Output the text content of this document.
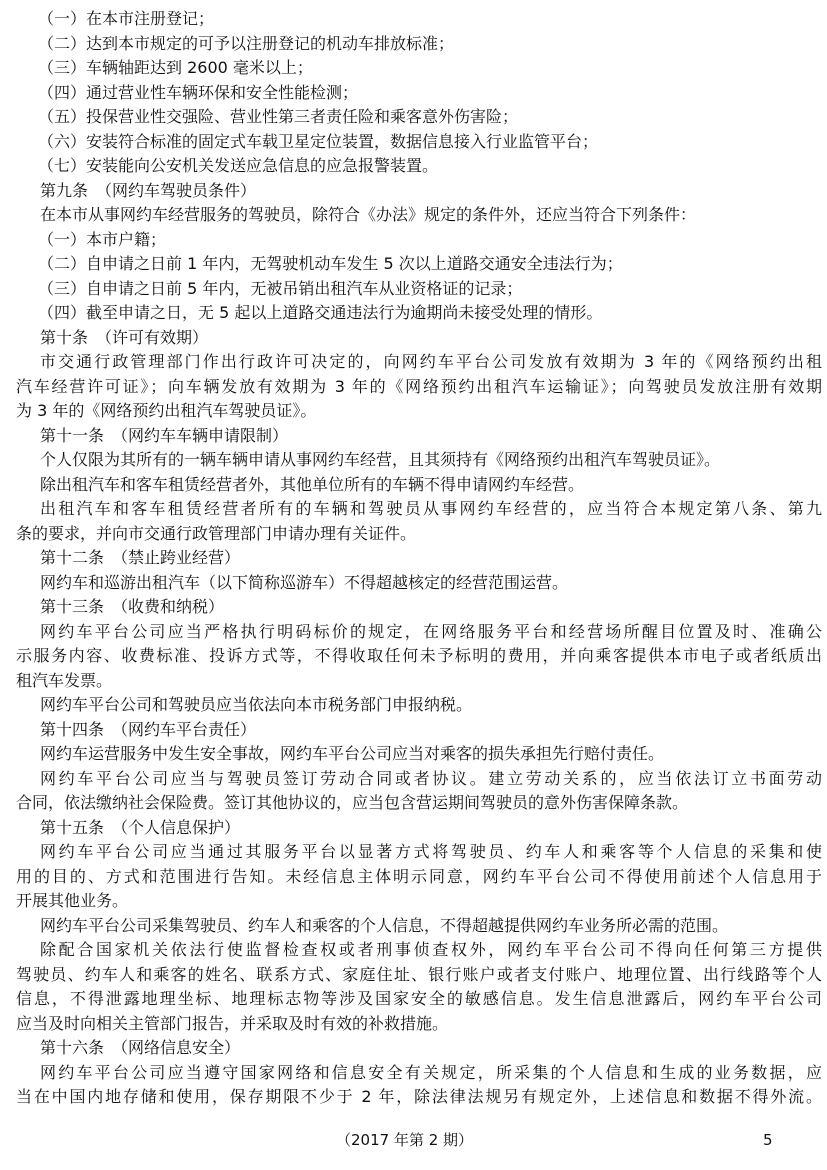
（一）在本市注册登记；

（二）达到本市规定的可予以注册登记的机动车排放标准；

（三）车辆轴距达到 2600 毫米以上；

（四）通过营业性车辆环保和安全性能检测；

（五）投保营业性交强险、营业性第三者责任险和乘客意外伤害险；

（六）安装符合标准的固定式车载卫星定位装置，数据信息接入行业监管平台；

（七）安装能向公安机关发送应急信息的应急报警装置。

第九条　（网约车驾驶员条件）

在本市从事网约车经营服务的驾驶员，除符合《办法》规定的条件外，还应当符合下列条件：

（一）本市户籍；

（二）自申请之日前 1 年内，无驾驶机动车发生 5 次以上道路交通安全违法行为；

（三）自申请之日前 5 年内，无被吊销出租汽车从业资格证的记录；

（四）截至申请之日，无 5 起以上道路交通违法行为逾期尚未接受处理的情形。

第十条　（许可有效期）

市交通行政管理部门作出行政许可决定的，向网约车平台公司发放有效期为 3 年的《网络预约出租

汽车经营许可证》；向车辆发放有效期为 3 年的《网络预约出租汽车运输证》；向驾驶员发放注册有效期

为 3 年的《网络预约出租汽车驾驶员证》。

第十一条　（网约车车辆申请限制）

个人仅限为其所有的一辆车辆申请从事网约车经营，且其须持有《网络预约出租汽车驾驶员证》。

除出租汽车和客车租赁经营者外，其他单位所有的车辆不得申请网约车经营。

出租汽车和客车租赁经营者所有的车辆和驾驶员从事网约车经营的，应当符合本规定第八条、第九

条的要求，并向市交通行政管理部门申请办理有关证件。

第十二条　（禁止跨业经营）

网约车和巡游出租汽车（以下简称巡游车）不得超越核定的经营范围运营。

第十三条　（收费和纳税）

网约车平台公司应当严格执行明码标价的规定，在网络服务平台和经营场所醒目位置及时、准确公

示服务内容、收费标准、投诉方式等，不得收取任何未予标明的费用，并向乘客提供本市电子或者纸质出

租汽车发票。

网约车平台公司和驾驶员应当依法向本市税务部门申报纳税。

第十四条　（网约车平台责任）

网约车运营服务中发生安全事故，网约车平台公司应当对乘客的损失承担先行赔付责任。

网约车平台公司应当与驾驶员签订劳动合同或者协议。建立劳动关系的，应当依法订立书面劳动

合同，依法缴纳社会保险费。签订其他协议的，应当包含营运期间驾驶员的意外伤害保障条款。

第十五条　（个人信息保护）

网约车平台公司应当通过其服务平台以显著方式将驾驶员、约车人和乘客等个人信息的采集和使

用的目的、方式和范围进行告知。未经信息主体明示同意，网约车平台公司不得使用前述个人信息用于

开展其他业务。

网约车平台公司采集驾驶员、约车人和乘客的个人信息，不得超越提供网约车业务所必需的范围。

除配合国家机关依法行使监督检查权或者刑事侦查权外，网约车平台公司不得向任何第三方提供

驾驶员、约车人和乘客的姓名、联系方式、家庭住址、银行账户或者支付账户、地理位置、出行线路等个人

信息，不得泄露地理坐标、地理标志物等涉及国家安全的敏感信息。发生信息泄露后，网约车平台公司

应当及时向相关主管部门报告，并采取及时有效的补救措施。

第十六条　（网络信息安全）

网约车平台公司应当遵守国家网络和信息安全有关规定，所采集的个人信息和生成的业务数据，应

当在中国内地存储和使用，保存期限不少于 2 年，除法律法规另有规定外，上述信息和数据不得外流。

（2017 年第 2 期）	5
